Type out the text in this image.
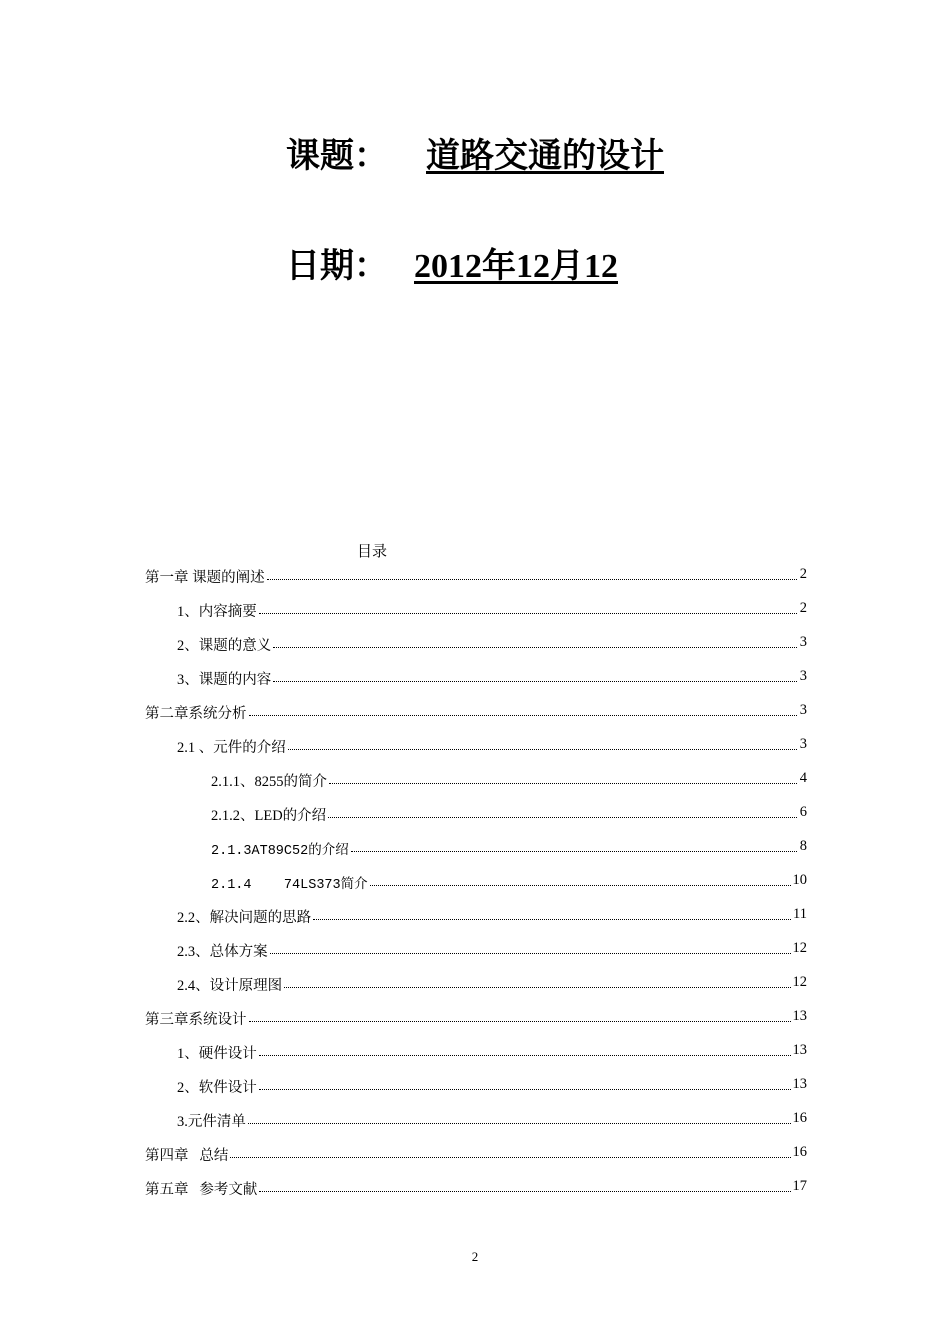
课题： 道路交通的设计
日期：2012年12月12
目录
第一章 课题的阐述	2
1、内容摘要	2
2、课题的意义	3
3、课题的内容	3
第二章系统分析	3
2.1 、元件的介绍	3
2.1.1、8255的简介	4
2.1.2、LED的介绍	6
2.1.3AT89C52的介绍	8
2.1.4    74LS373简介	10
2.2、解决问题的思路	11
2.3、总体方案	12
2.4、设计原理图	12
第三章系统设计	13
1、硬件设计	13
2、软件设计	13
3.元件清单	16
第四章   总结	16
第五章   参考文献	17
2
